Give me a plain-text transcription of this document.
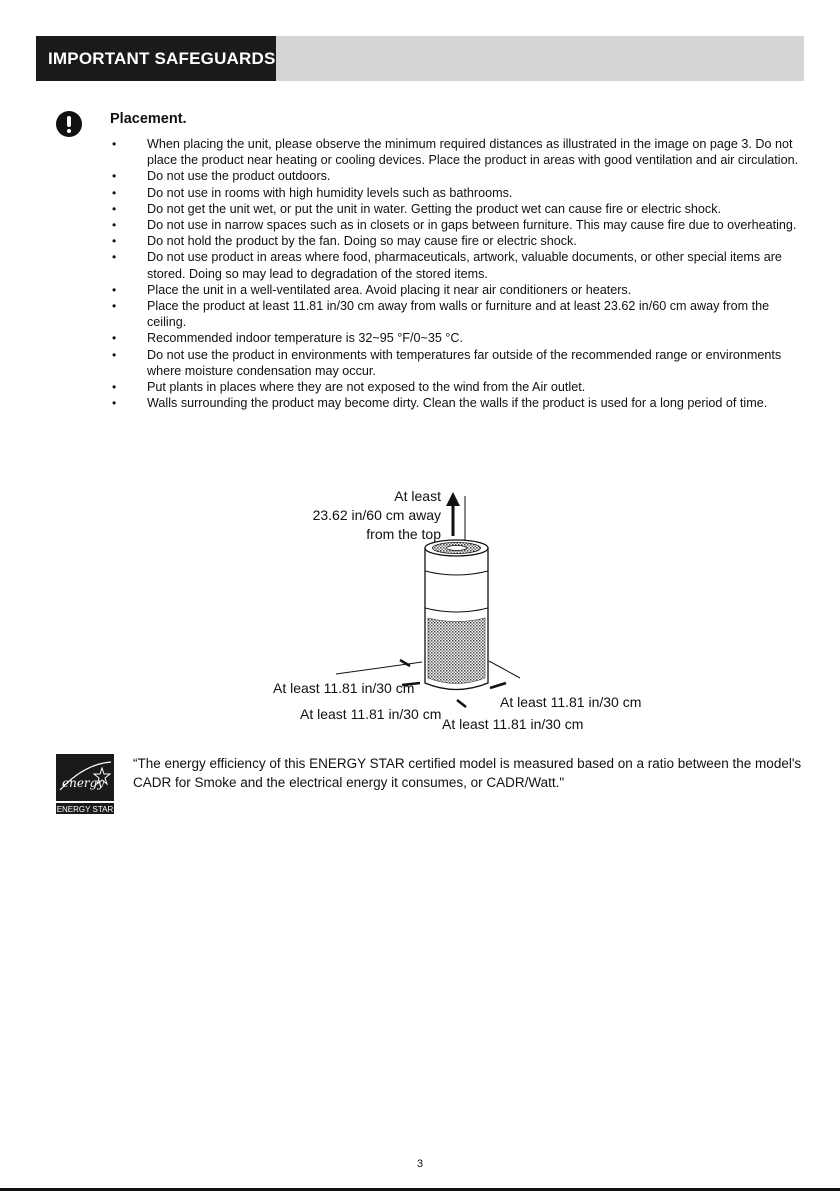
IMPORTANT SAFEGUARDS
Placement.
• When placing the unit, please observe the minimum required distances as illustrated in the image on page 3. Do not place the product near heating or cooling devices. Place the product in areas with good ventilation and air circulation.
• Do not use the product outdoors.
• Do not use in rooms with high humidity levels such as bathrooms.
• Do not get the unit wet, or put the unit in water. Getting the product wet can cause fire or electric shock.
• Do not use in narrow spaces such as in closets or in gaps between furniture. This may cause fire due to overheating.
• Do not hold the product by the fan. Doing so may cause fire or electric shock.
• Do not use product in areas where food, pharmaceuticals, artwork, valuable documents, or other special items are stored. Doing so may lead to degradation of the stored items.
• Place the unit in a well-ventilated area. Avoid placing it near air conditioners or heaters.
• Place the product at least 11.81 in/30 cm away from walls or furniture and at least 23.62 in/60 cm away from the ceiling.
• Recommended indoor temperature is 32~95 °F/0~35 °C.
• Do not use the product in environments with temperatures far outside of the recommended range or environments where moisture condensation may occur.
• Put plants in places where they are not exposed to the wind from the Air outlet.
• Walls surrounding the product may become dirty. Clean the walls if the product is used for a long period of time.
At least
23.62 in/60 cm away
from the top
At least 11.81 in/30 cm
At least 11.81 in/30 cm
At least 11.81 in/30 cm
At least 11.81 in/30 cm
energy
ENERGY STAR
“The energy efficiency of this ENERGY STAR certified model is measured based on a ratio between the model's CADR for Smoke and the electrical energy it consumes, or CADR/Watt."
3
